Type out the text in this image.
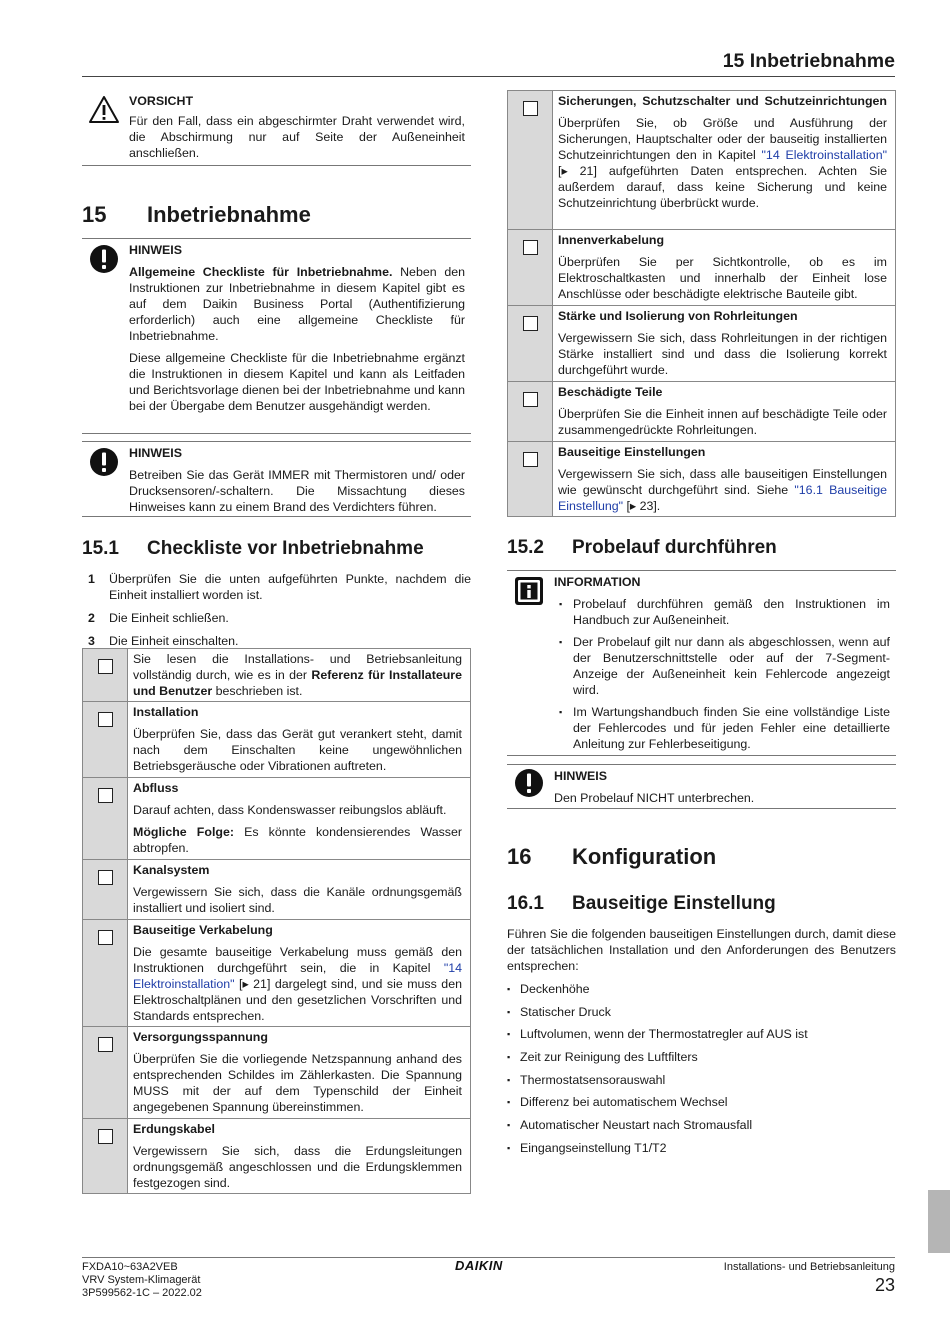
15 Inbetriebnahme
VORSICHT

Für den Fall, dass ein abgeschirmter Draht verwendet wird, die Abschirmung nur auf Seite der Außeneinheit anschließen.

15 Inbetriebnahme
HINWEIS

Allgemeine Checkliste für Inbetriebnahme. Neben den Instruktionen zur Inbetriebnahme in diesem Kapitel gibt es auf dem Daikin Business Portal (Authentifizierung erforderlich) auch eine allgemeine Checkliste für Inbetriebnahme.

Diese allgemeine Checkliste für die Inbetriebnahme ergänzt die Instruktionen in diesem Kapitel und kann als Leitfaden und Berichtsvorlage dienen bei der Inbetriebnahme und kann bei der Übergabe dem Benutzer ausgehändigt werden.

HINWEIS

Betreiben Sie das Gerät IMMER mit Thermistoren und/ oder Drucksensoren/-schaltern. Die Missachtung dieses Hinweises kann zu einem Brand des Verdichters führen.

15.1 Checkliste vor Inbetriebnahme
1 Überprüfen Sie die unten aufgeführten Punkte, nachdem die Einheit installiert worden ist.
2 Die Einheit schließen.
3 Die Einheit einschalten.
	Sie lesen die Installations- und Betriebsanleitung vollständig durch, wie es in der Referenz für Installateure und Benutzer beschrieben ist.

	Installation

Überprüfen Sie, dass das Gerät gut verankert steht, damit nach dem Einschalten keine ungewöhnlichen Betriebsgeräusche oder Vibrationen auftreten.

	Abfluss

Darauf achten, dass Kondenswasser reibungslos abläuft.

Mögliche Folge: Es könnte kondensierendes Wasser abtropfen.

	Kanalsystem

Vergewissern Sie sich, dass die Kanäle ordnungsgemäß installiert und isoliert sind.

	Bauseitige Verkabelung

Die gesamte bauseitige Verkabelung muss gemäß den Instruktionen durchgeführt sein, die in Kapitel "14 Elektroinstallation" [▸ 21] dargelegt sind, und sie muss den Elektroschaltplänen und den gesetzlichen Vorschriften und Standards entsprechen.

	Versorgungsspannung

Überprüfen Sie die vorliegende Netzspannung anhand des entsprechenden Schildes im Zählerkasten. Die Spannung MUSS mit der auf dem Typenschild der Einheit angegebenen Spannung übereinstimmen.

	Erdungskabel

Vergewissern Sie sich, dass die Erdungsleitungen ordnungsgemäß angeschlossen und die Erdungsklemmen festgezogen sind.

	Sicherungen, Schutzschalter und Schutzeinrichtungen

Überprüfen Sie, ob Größe und Ausführung der Sicherungen, Hauptschalter oder der bauseitig installierten Schutzeinrichtungen den in Kapitel "14 Elektroinstallation" [▸ 21] aufgeführten Daten entsprechen. Achten Sie außerdem darauf, dass keine Sicherung und keine Schutzeinrichtung überbrückt wurde.

	Innenverkabelung

Überprüfen Sie per Sichtkontrolle, ob es im Elektroschaltkasten und innerhalb der Einheit lose Anschlüsse oder beschädigte elektrische Bauteile gibt.

	Stärke und Isolierung von Rohrleitungen

Vergewissern Sie sich, dass Rohrleitungen in der richtigen Stärke installiert sind und dass die Isolierung korrekt durchgeführt wurde.

	Beschädigte Teile

Überprüfen Sie die Einheit innen auf beschädigte Teile oder zusammengedrückte Rohrleitungen.

	Bauseitige Einstellungen

Vergewissern Sie sich, dass alle bauseitigen Einstellungen wie gewünscht durchgeführt sind. Siehe "16.1 Bauseitige Einstellung" [▸ 23].

15.2 Probelauf durchführen
INFORMATION
▪ Probelauf durchführen gemäß den Instruktionen im Handbuch zur Außeneinheit.
▪ Der Probelauf gilt nur dann als abgeschlossen, wenn auf der Benutzerschnittstelle oder auf der 7-Segment-Anzeige der Außeneinheit kein Fehlercode angezeigt wird.
▪ Im Wartungshandbuch finden Sie eine vollständige Liste der Fehlercodes und für jeden Fehler eine detaillierte Anleitung zur Fehlerbeseitigung.
HINWEIS

Den Probelauf NICHT unterbrechen.

16 Konfiguration
16.1 Bauseitige Einstellung

Führen Sie die folgenden bauseitigen Einstellungen durch, damit diese der tatsächlichen Installation und den Anforderungen des Benutzers entsprechen:

▪ Deckenhöhe
▪ Statischer Druck
▪ Luftvolumen, wenn der Thermostatregler auf AUS ist
▪ Zeit zur Reinigung des Luftfilters
▪ Thermostatsensorauswahl
▪ Differenz bei automatischem Wechsel
▪ Automatischer Neustart nach Stromausfall
▪ Eingangseinstellung T1/T2
FXDA10~63A2VEB
VRV System-Klimagerät
3P599562-1C – 2022.02
DAIKIN	Installations- und Betriebsanleitung
23
